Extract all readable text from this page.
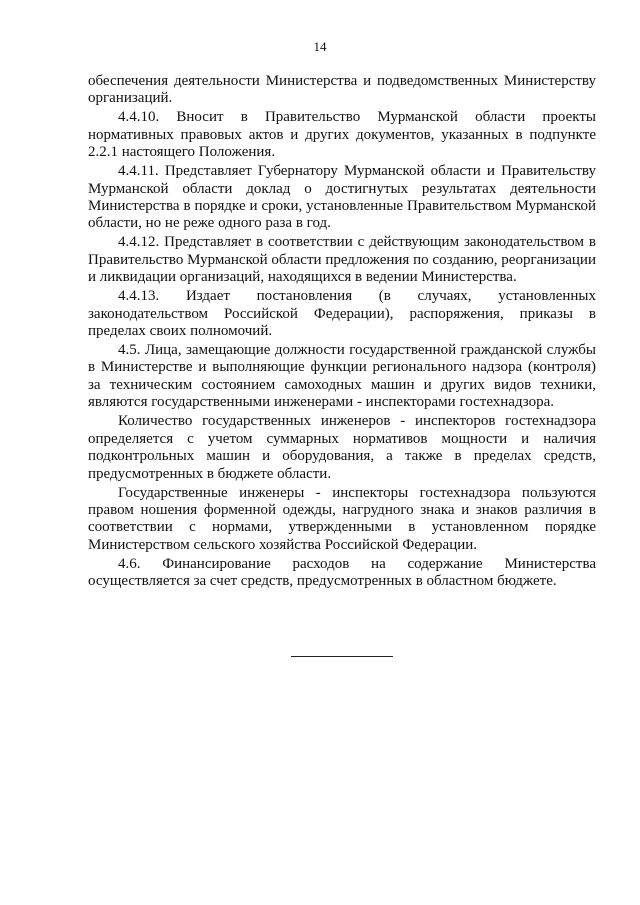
14

обеспечения деятельности Министерства и подведомственных Министерству организаций.

4.4.10. Вносит в Правительство Мурманской области проекты нормативных правовых актов и других документов, указанных в подпункте 2.2.1 настоящего Положения.

4.4.11. Представляет Губернатору Мурманской области и Правительству Мурманской области доклад о достигнутых результатах деятельности Министерства в порядке и сроки, установленные Правительством Мурманской области, но не реже одного раза в год.

4.4.12. Представляет в соответствии с действующим законодательством в Правительство Мурманской области предложения по созданию, реорганизации и ликвидации организаций, находящихся в ведении Министерства.

4.4.13. Издает постановления (в случаях, установленных законодательством Российской Федерации), распоряжения, приказы в пределах своих полномочий.

4.5. Лица, замещающие должности государственной гражданской службы в Министерстве и выполняющие функции регионального надзора (контроля) за техническим состоянием самоходных машин и других видов техники, являются государственными инженерами - инспекторами гостехнадзора.

Количество государственных инженеров - инспекторов гостехнадзора определяется с учетом суммарных нормативов мощности и наличия подконтрольных машин и оборудования, а также в пределах средств, предусмотренных в бюджете области.

Государственные инженеры - инспекторы гостехнадзора пользуются правом ношения форменной одежды, нагрудного знака и знаков различия в соответствии с нормами, утвержденными в установленном порядке Министерством сельского хозяйства Российской Федерации.

4.6. Финансирование расходов на содержание Министерства осуществляется за счет средств, предусмотренных в областном бюджете.
